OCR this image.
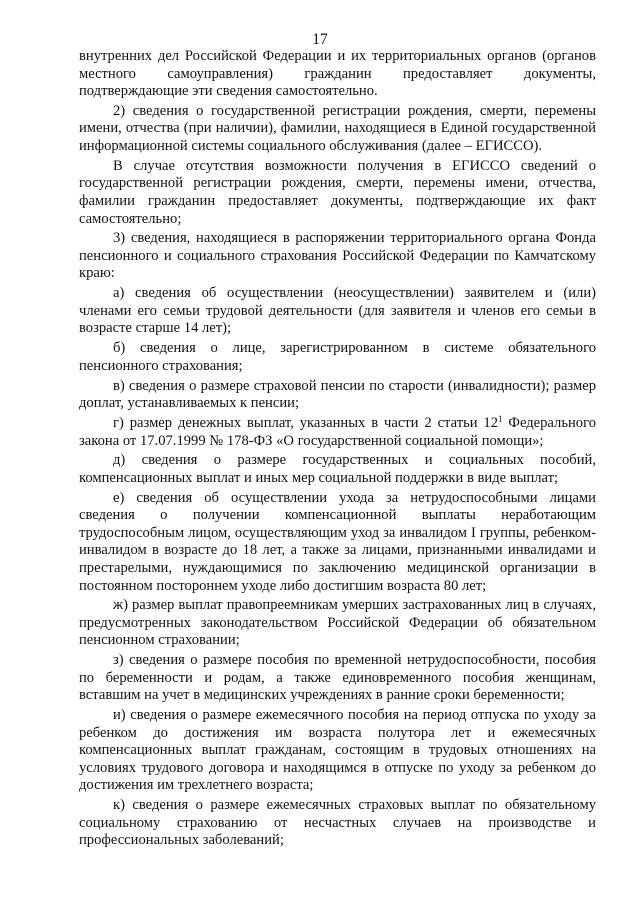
17

внутренних дел Российской Федерации и их территориальных органов (органов местного самоуправления) гражданин предоставляет документы, подтверждающие эти сведения самостоятельно.

2) сведения о государственной регистрации рождения, смерти, перемены имени, отчества (при наличии), фамилии, находящиеся в Единой государственной информационной системы социального обслуживания (далее – ЕГИССО).

В случае отсутствия возможности получения в ЕГИССО сведений о государственной регистрации рождения, смерти, перемены имени, отчества, фамилии гражданин предоставляет документы, подтверждающие их факт самостоятельно;

3) сведения, находящиеся в распоряжении территориального органа Фонда пенсионного и социального страхования Российской Федерации по Камчатскому краю:

а) сведения об осуществлении (неосуществлении) заявителем и (или) членами его семьи трудовой деятельности (для заявителя и членов его семьи в возрасте старше 14 лет);

б) сведения о лице, зарегистрированном в системе обязательного пенсионного страхования;

в) сведения о размере страховой пенсии по старости (инвалидности); размер доплат, устанавливаемых к пенсии;

г) размер денежных выплат, указанных в части 2 статьи $12^1$ Федерального закона от 17.07.1999 № 178-ФЗ «О государственной социальной помощи»;

д) сведения о размере государственных и социальных пособий, компенсационных выплат и иных мер социальной поддержки в виде выплат;

е) сведения об осуществлении ухода за нетрудоспособными лицами сведения о получении компенсационной выплаты неработающим трудоспособным лицом, осуществляющим уход за инвалидом I группы, ребенком-инвалидом в возрасте до 18 лет, а также за лицами, признанными инвалидами и престарелыми, нуждающимися по заключению медицинской организации в постоянном постороннем уходе либо достигшим возраста 80 лет;

ж) размер выплат правопреемникам умерших застрахованных лиц в случаях, предусмотренных законодательством Российской Федерации об обязательном пенсионном страховании;

з) сведения о размере пособия по временной нетрудоспособности, пособия по беременности и родам, а также единовременного пособия женщинам, вставшим на учет в медицинских учреждениях в ранние сроки беременности;

и) сведения о размере ежемесячного пособия на период отпуска по уходу за ребенком до достижения им возраста полутора лет и ежемесячных компенсационных выплат гражданам, состоящим в трудовых отношениях на условиях трудового договора и находящимся в отпуске по уходу за ребенком до достижения им трехлетнего возраста;

к) сведения о размере ежемесячных страховых выплат по обязательному социальному страхованию от несчастных случаев на производстве и профессиональных заболеваний;
